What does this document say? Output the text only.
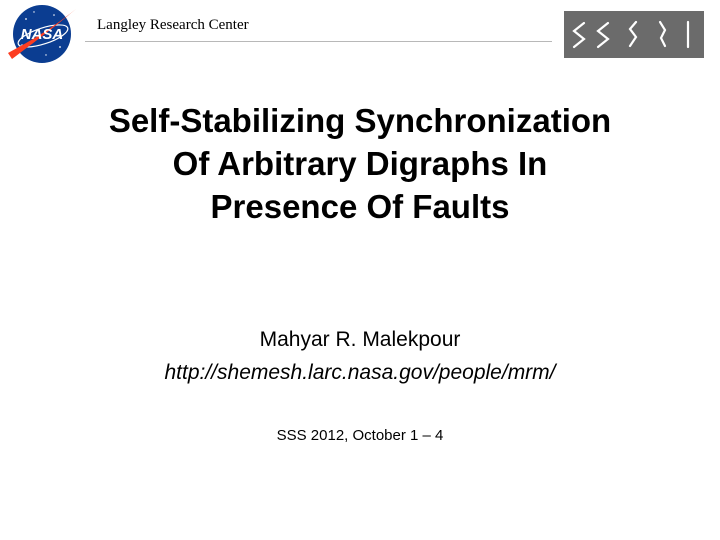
NASA
Langley Research Center
Self-Stabilizing Synchronization
Of Arbitrary Digraphs In
Presence Of Faults
Mahyar R. Malekpour
http://shemesh.larc.nasa.gov/people/mrm/
SSS 2012, October 1 – 4
